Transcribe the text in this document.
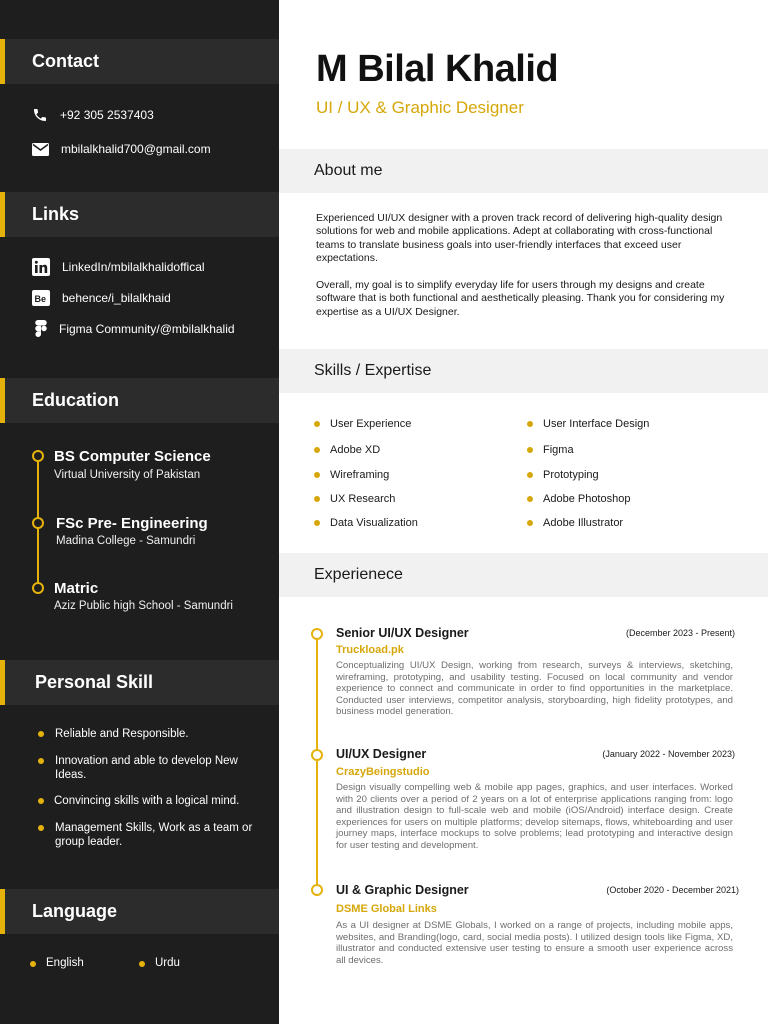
Contact
+92 305 2537403
mbilalkhalid700@gmail.com
Links
LinkedIn/mbilalkhalidoffical
Be behence/i_bilalkhaid
Figma Community/@mbilalkhalid
Education
BS Computer Science
Virtual University of Pakistan
FSc Pre- Engineering
Madina College - Samundri
Matric
Aziz Public high School - Samundri
Personal Skill
Reliable and Responsible.
Innovation and able to develop New Ideas.
Convincing skills with a logical mind.
Management Skills, Work as a team or group leader.
Language
English	Urdu
M Bilal Khalid
UI / UX & Graphic Designer
About me
Experienced UI/UX designer with a proven track record of delivering high-quality design solutions for web and mobile applications. Adept at collaborating with cross-functional teams to translate business goals into user-friendly interfaces that exceed user expectations.
Overall, my goal is to simplify everyday life for users through my designs and create software that is both functional and aesthetically pleasing. Thank you for considering my expertise as a UI/UX Designer.
Skills / Expertise
User Experience
Adobe XD
Wireframing
UX Research
Data Visualization
User Interface Design
Figma
Prototyping
Adobe Photoshop
Adobe Illustrator
Experienece
Senior UI/UX Designer	(December 2023 - Present)
Truckload.pk
Conceptualizing UI/UX Design, working from research, surveys & interviews, sketching, wireframing, prototyping, and usability testing. Focused on local community and vendor experience to connect and communicate in order to find opportunities in the marketplace. Conducted user interviews, competitor analysis, storyboarding, high fidelity prototypes, and business model generation.
UI/UX Designer	(January 2022 - November 2023)
CrazyBeingstudio
Design visually compelling web & mobile app pages, graphics, and user interfaces. Worked with 20 clients over a period of 2 years on a lot of enterprise applications ranging from: logo and illustration design to full-scale web and mobile (iOS/Android) interface design. Create experiences for users on multiple platforms; develop sitemaps, flows, whiteboarding and user journey maps, interface mockups to solve problems; lead prototyping and interactive design for user testing and development.
UI & Graphic Designer	(October 2020 - December 2021)
DSME Global Links
As a UI designer at DSME Globals, I worked on a range of projects, including mobile apps, websites, and Branding(logo, card, social media posts). I utilized design tools like Figma, XD, illustrator and conducted extensive user testing to ensure a smooth user experience across all devices.
